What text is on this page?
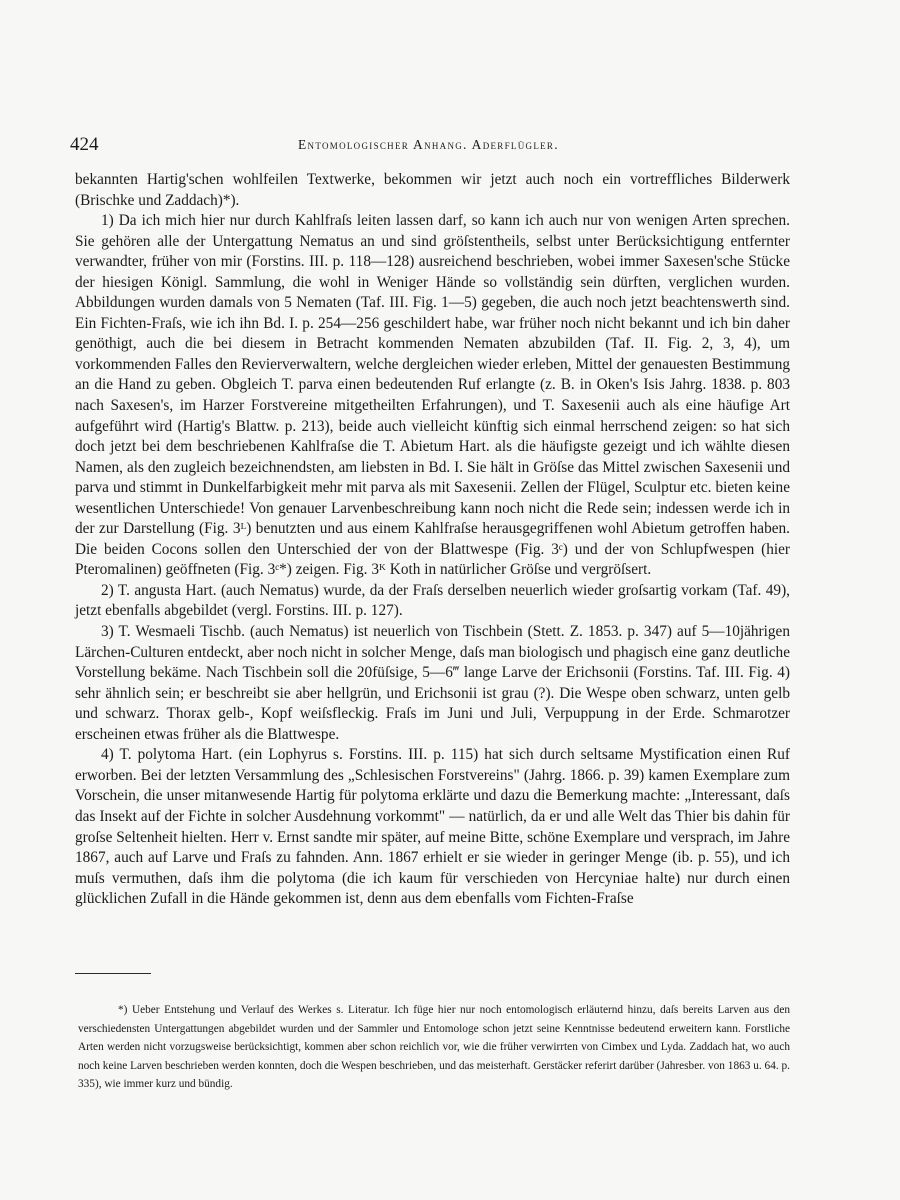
424	Entomologischer Anhang. Aderflügler.

bekannten Hartig'schen wohlfeilen Textwerke, bekommen wir jetzt auch noch ein vortreffliches Bilderwerk (Brischke und Zaddach)*).

1) Da ich mich hier nur durch Kahlfraſs leiten lassen darf, so kann ich auch nur von wenigen Arten sprechen. Sie gehören alle der Untergattung Nematus an und sind gröſstentheils, selbst unter Berücksichtigung entfernter verwandter, früher von mir (Forstins. III. p. 118—128) ausreichend beschrieben, wobei immer Saxesen'sche Stücke der hiesigen Königl. Sammlung, die wohl in Weniger Hände so vollständig sein dürften, verglichen wurden. Abbildungen wurden damals von 5 Nematen (Taf. III. Fig. 1—5) gegeben, die auch noch jetzt beachtenswerth sind. Ein Fichten-Fraſs, wie ich ihn Bd. I. p. 254—256 geschildert habe, war früher noch nicht bekannt und ich bin daher genöthigt, auch die bei diesem in Betracht kommenden Nematen abzubilden (Taf. II. Fig. 2, 3, 4), um vorkommenden Falles den Revierverwaltern, welche dergleichen wieder erleben, Mittel der genauesten Bestimmung an die Hand zu geben. Obgleich T. parva einen bedeutenden Ruf erlangte (z. B. in Oken's Isis Jahrg. 1838. p. 803 nach Saxesen's, im Harzer Forstvereine mitgetheilten Erfahrungen), und T. Saxesenii auch als eine häufige Art aufgeführt wird (Hartig's Blattw. p. 213), beide auch vielleicht künftig sich einmal herrschend zeigen: so hat sich doch jetzt bei dem beschriebenen Kahlfraſse die T. Abietum Hart. als die häufigste gezeigt und ich wählte diesen Namen, als den zugleich bezeichnendsten, am liebsten in Bd. I. Sie hält in Gröſse das Mittel zwischen Saxesenii und parva und stimmt in Dunkelfarbigkeit mehr mit parva als mit Saxesenii. Zellen der Flügel, Sculptur etc. bieten keine wesentlichen Unterschiede! Von genauer Larvenbeschreibung kann noch nicht die Rede sein; indessen werde ich in der zur Darstellung (Fig. 3ᴸ) benutzten und aus einem Kahlfraſse herausgegriffenen wohl Abietum getroffen haben. Die beiden Cocons sollen den Unterschied der von der Blattwespe (Fig. 3ᶜ) und der von Schlupfwespen (hier Pteromalinen) geöffneten (Fig. 3ᶜ*) zeigen. Fig. 3ᴷ Koth in natürlicher Gröſse und vergröſsert.

2) T. angusta Hart. (auch Nematus) wurde, da der Fraſs derselben neuerlich wieder groſsartig vorkam (Taf. 49), jetzt ebenfalls abgebildet (vergl. Forstins. III. p. 127).

3) T. Wesmaeli Tischb. (auch Nematus) ist neuerlich von Tischbein (Stett. Z. 1853. p. 347) auf 5—10jährigen Lärchen-Culturen entdeckt, aber noch nicht in solcher Menge, daſs man biologisch und phagisch eine ganz deutliche Vorstellung bekäme. Nach Tischbein soll die 20füſsige, 5—6‴ lange Larve der Erichsonii (Forstins. Taf. III. Fig. 4) sehr ähnlich sein; er beschreibt sie aber hellgrün, und Erichsonii ist grau (?). Die Wespe oben schwarz, unten gelb und schwarz. Thorax gelb-, Kopf weiſsfleckig. Fraſs im Juni und Juli, Verpuppung in der Erde. Schmarotzer erscheinen etwas früher als die Blattwespe.

4) T. polytoma Hart. (ein Lophyrus s. Forstins. III. p. 115) hat sich durch seltsame Mystification einen Ruf erworben. Bei der letzten Versammlung des „Schlesischen Forstvereins" (Jahrg. 1866. p. 39) kamen Exemplare zum Vorschein, die unser mitanwesende Hartig für polytoma erklärte und dazu die Bemerkung machte: „Interessant, daſs das Insekt auf der Fichte in solcher Ausdehnung vorkommt" — natürlich, da er und alle Welt das Thier bis dahin für groſse Seltenheit hielten. Herr v. Ernst sandte mir später, auf meine Bitte, schöne Exemplare und versprach, im Jahre 1867, auch auf Larve und Fraſs zu fahnden. Ann. 1867 erhielt er sie wieder in geringer Menge (ib. p. 55), und ich muſs vermuthen, daſs ihm die polytoma (die ich kaum für verschieden von Hercyniae halte) nur durch einen glücklichen Zufall in die Hände gekommen ist, denn aus dem ebenfalls vom Fichten-Fraſse

*) Ueber Entstehung und Verlauf des Werkes s. Literatur. Ich füge hier nur noch entomologisch erläuternd hinzu, daſs bereits Larven aus den verschiedensten Untergattungen abgebildet wurden und der Sammler und Entomologe schon jetzt seine Kenntnisse bedeutend erweitern kann. Forstliche Arten werden nicht vorzugsweise berücksichtigt, kommen aber schon reichlich vor, wie die früher verwirrten von Cimbex und Lyda. Zaddach hat, wo auch noch keine Larven beschrieben werden konnten, doch die Wespen beschrieben, und das meisterhaft. Gerstäcker referirt darüber (Jahresber. von 1863 u. 64. p. 335), wie immer kurz und bündig.
